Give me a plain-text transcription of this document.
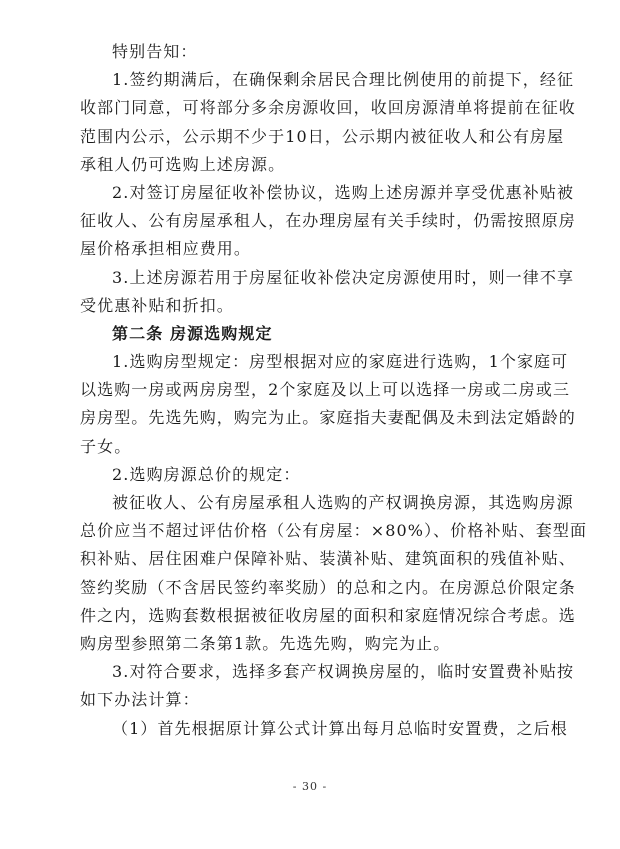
特别告知：
1.签约期满后，在确保剩余居民合理比例使用的前提下，经征
收部门同意，可将部分多余房源收回，收回房源清单将提前在征收
范围内公示，公示期不少于10日，公示期内被征收人和公有房屋
承租人仍可选购上述房源。
2.对签订房屋征收补偿协议，选购上述房源并享受优惠补贴被
征收人、公有房屋承租人，在办理房屋有关手续时，仍需按照原房
屋价格承担相应费用。
3.上述房源若用于房屋征收补偿决定房源使用时，则一律不享
受优惠补贴和折扣。
第二条 房源选购规定
1.选购房型规定：房型根据对应的家庭进行选购，1个家庭可
以选购一房或两房房型，2个家庭及以上可以选择一房或二房或三
房房型。先选先购，购完为止。家庭指夫妻配偶及未到法定婚龄的
子女。
2.选购房源总价的规定：
被征收人、公有房屋承租人选购的产权调换房源，其选购房源
总价应当不超过评估价格（公有房屋：×80%）、价格补贴、套型面
积补贴、居住困难户保障补贴、装潢补贴、建筑面积的残值补贴、
签约奖励（不含居民签约率奖励）的总和之内。在房源总价限定条
件之内，选购套数根据被征收房屋的面积和家庭情况综合考虑。选
购房型参照第二条第1款。先选先购，购完为止。
3.对符合要求，选择多套产权调换房屋的，临时安置费补贴按
如下办法计算：
（1）首先根据原计算公式计算出每月总临时安置费，之后根
- 30 -
